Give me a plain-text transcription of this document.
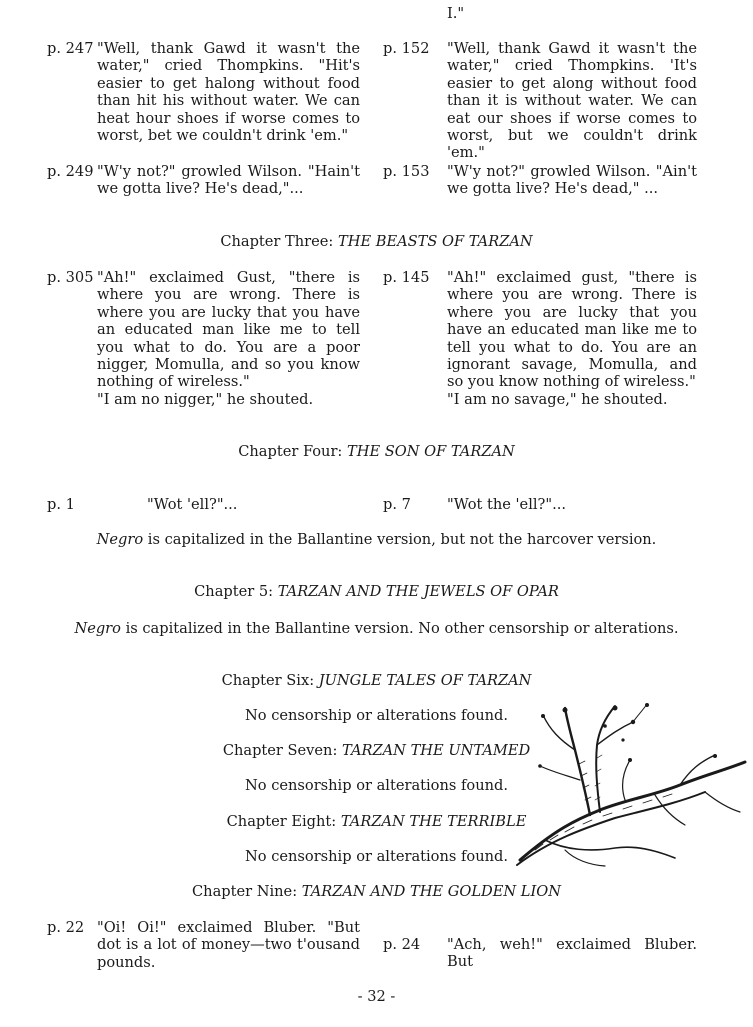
I."
p. 247 "Well, thank Gawd it wasn't the water," cried Thompkins. "Hit's easier to get halong without food than hit his without water. We can heat hour shoes if worse comes to worst, bet we couldn't drink 'em."

p. 152 "Well, thank Gawd it wasn't the water," cried Thompkins. 'It's easier to get along without food than it is without water. We can eat our shoes if worse comes to worst, but we couldn't drink 'em."

p. 249 "W'y not?" growled Wilson. "Hain't we gotta live? He's dead,"...

p. 153 "W'y not?" growled Wilson. "Ain't we gotta live? He's dead," ...

Chapter Three: THE BEASTS OF TARZAN
p. 305 "Ah!" exclaimed Gust, "there is where you are wrong. There is where you are lucky that you have an educated man like me to tell you what to do. You are a poor nigger, Momulla, and so you know nothing of wireless."

"I am no nigger," he shouted.

p. 145 "Ah!" exclaimed gust, "there is where you are wrong. There is where you are lucky that you have an educated man like me to tell you what to do. You are an ignorant savage, Momulla, and so you know nothing of wireless."

"I am no savage," he shouted.

Chapter Four: THE SON OF TARZAN
p. 1	"Wot 'ell?"...	p. 7 "Wot the 'ell?"...
Negro is capitalized in the Ballantine version, but not the harcover version.
Chapter 5: TARZAN AND THE JEWELS OF OPAR
Negro is capitalized in the Ballantine version. No other censorship or alterations.
Chapter Six: JUNGLE TALES OF TARZAN
No censorship or alterations found.
Chapter Seven: TARZAN THE UNTAMED
No censorship or alterations found.
Chapter Eight: TARZAN THE TERRIBLE
No censorship or alterations found.
Chapter Nine: TARZAN AND THE GOLDEN LION
p. 22 "Oi! Oi!" exclaimed Bluber. "But dot is a lot of money—two t'ousand pounds.

p. 24 "Ach, weh!" exclaimed Bluber. But

- 32 -
